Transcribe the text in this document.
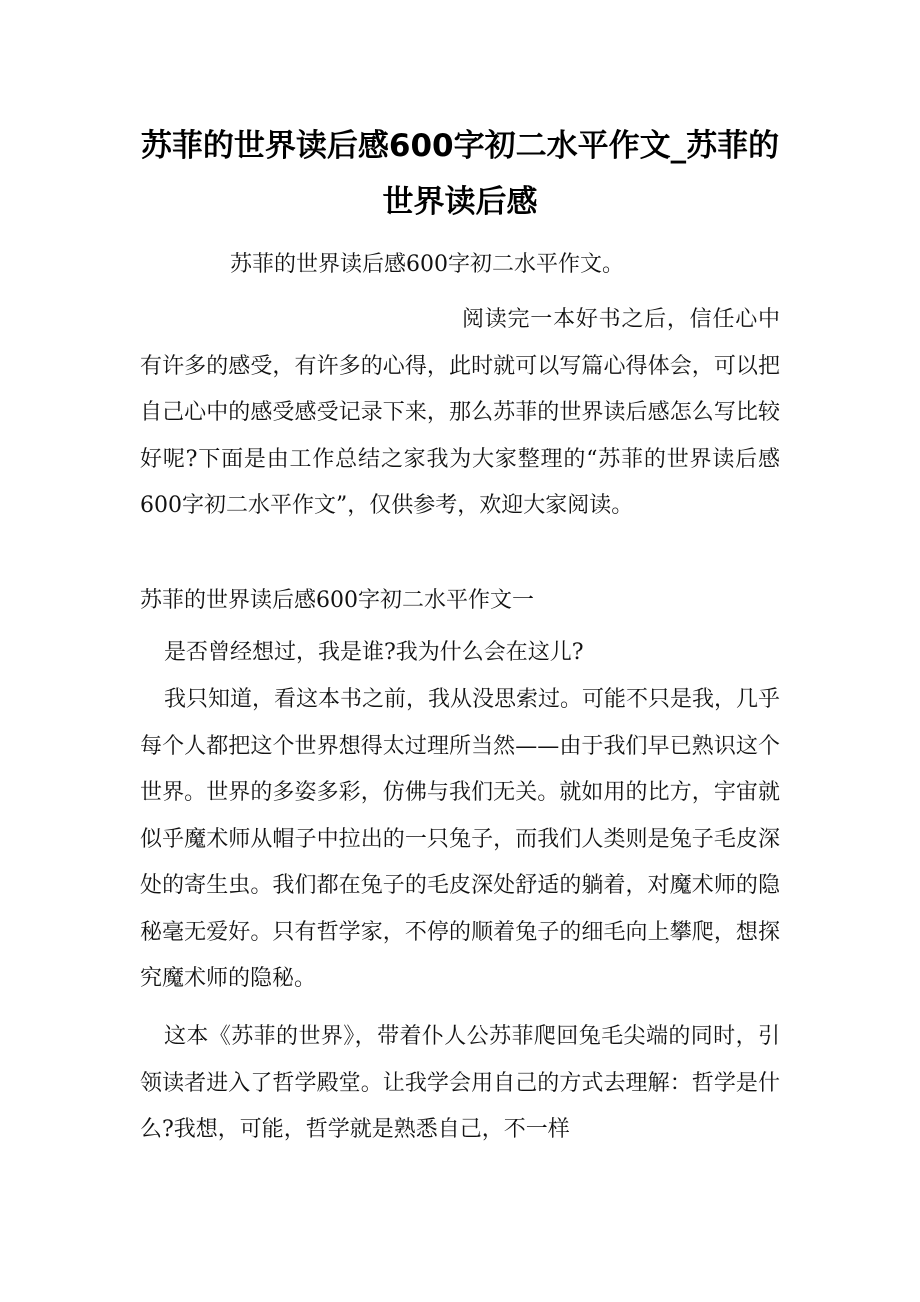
苏菲的世界读后感600字初二水平作文_苏菲的世界读后感

苏菲的世界读后感600字初二水平作文。

阅读完一本好书之后，信任心中有许多的感受，有许多的心得，此时就可以写篇心得体会，可以把自己心中的感受感受记录下来，那么苏菲的世界读后感怎么写比较好呢?下面是由工作总结之家我为大家整理的“苏菲的世界读后感600字初二水平作文”，仅供参考，欢迎大家阅读。

苏菲的世界读后感600字初二水平作文一

是否曾经想过，我是谁?我为什么会在这儿?

我只知道，看这本书之前，我从没思索过。可能不只是我，几乎每个人都把这个世界想得太过理所当然——由于我们早已熟识这个世界。世界的多姿多彩，仿佛与我们无关。就如用的比方，宇宙就似乎魔术师从帽子中拉出的一只兔子，而我们人类则是兔子毛皮深处的寄生虫。我们都在兔子的毛皮深处舒适的躺着，对魔术师的隐秘毫无爱好。只有哲学家，不停的顺着兔子的细毛向上攀爬，想探究魔术师的隐秘。

这本《苏菲的世界》，带着仆人公苏菲爬回兔毛尖端的同时，引领读者进入了哲学殿堂。让我学会用自己的方式去理解：哲学是什么?我想，可能，哲学就是熟悉自己，不一样
